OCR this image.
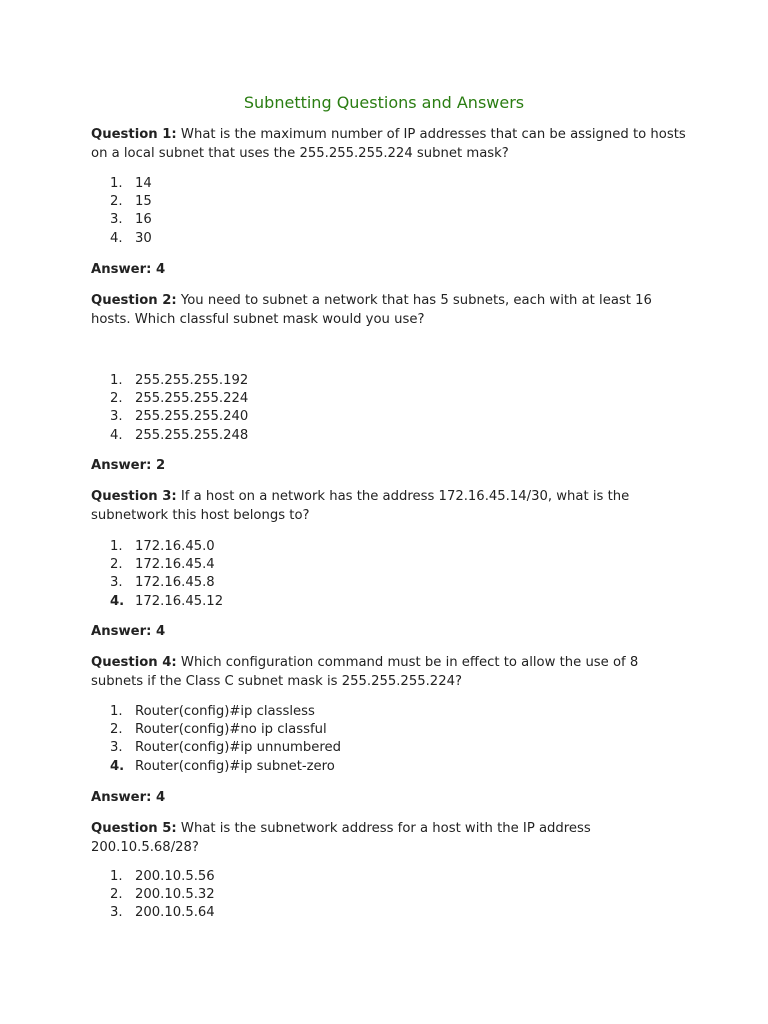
Subnetting Questions and Answers
Question 1: What is the maximum number of IP addresses that can be assigned to hosts on a local subnet that uses the 255.255.255.224 subnet mask?
1. 14
2. 15
3. 16
4. 30
Answer: 4
Question 2: You need to subnet a network that has 5 subnets, each with at least 16 hosts. Which classful subnet mask would you use?
1. 255.255.255.192
2. 255.255.255.224
3. 255.255.255.240
4. 255.255.255.248
Answer: 2
Question 3: If a host on a network has the address 172.16.45.14/30, what is the subnetwork this host belongs to?
1. 172.16.45.0
2. 172.16.45.4
3. 172.16.45.8
4. 172.16.45.12
Answer: 4
Question 4: Which configuration command must be in effect to allow the use of 8 subnets if the Class C subnet mask is 255.255.255.224?
1. Router(config)#ip classless
2. Router(config)#no ip classful
3. Router(config)#ip unnumbered
4. Router(config)#ip subnet-zero
Answer: 4
Question 5: What is the subnetwork address for a host with the IP address 200.10.5.68/28?
1. 200.10.5.56
2. 200.10.5.32
3. 200.10.5.64
